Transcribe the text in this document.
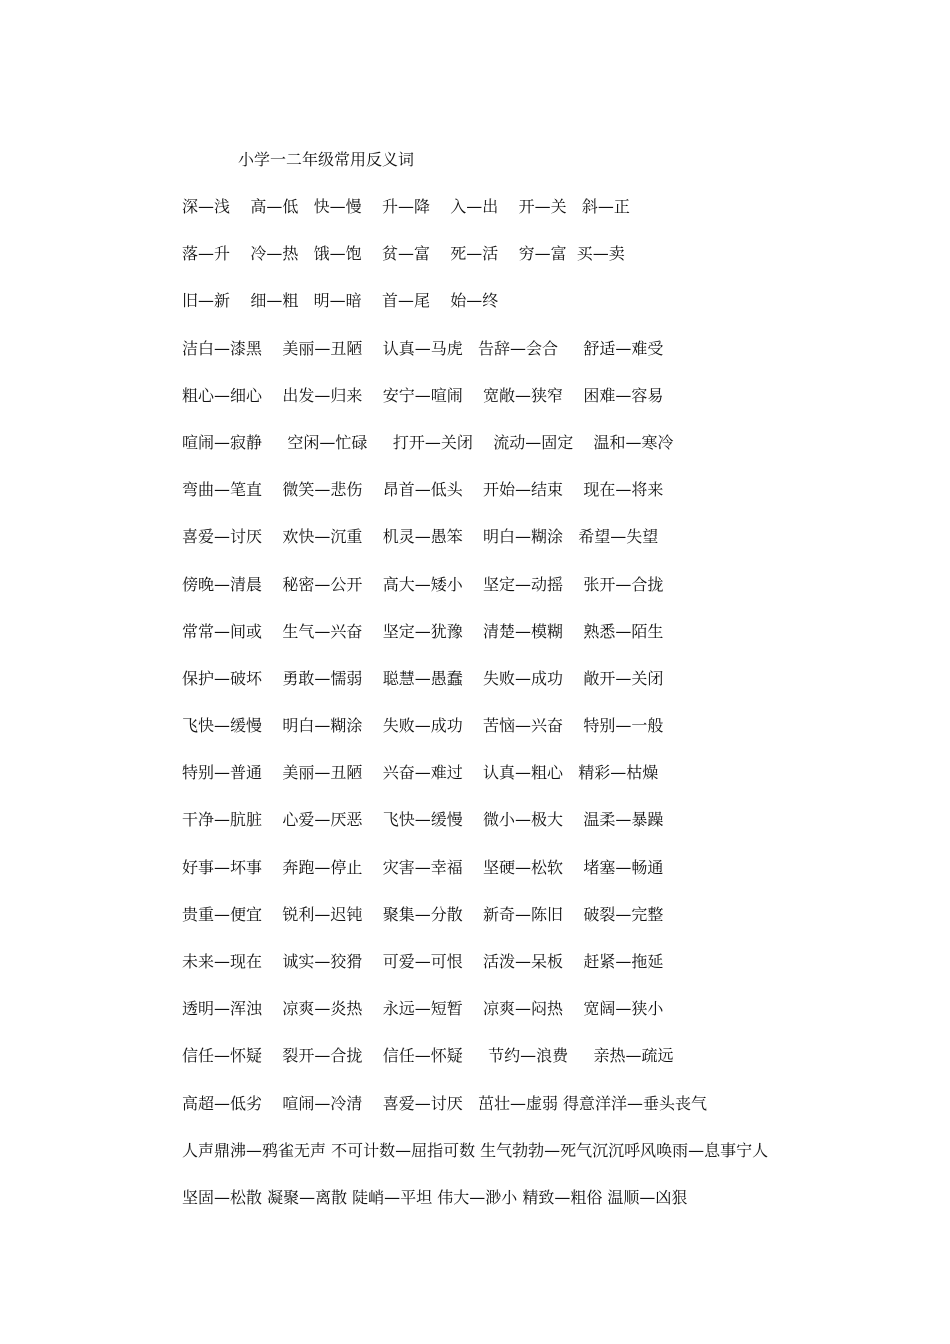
小学一二年级常用反义词
深—浅    高—低   快—慢    升—降    入—出    开—关   斜—正
落—升    冷—热   饿—饱    贫—富    死—活    穷—富  买—卖
旧—新    细—粗   明—暗    首—尾    始—终
洁白—漆黑    美丽—丑陋    认真—马虎   告辞—会合     舒适—难受
粗心—细心    出发—归来    安宁—喧闹    宽敞—狭窄    困难—容易
喧闹—寂静     空闲—忙碌     打开—关闭    流动—固定    温和—寒冷
弯曲—笔直    微笑—悲伤    昂首—低头    开始—结束    现在—将来
喜爱—讨厌    欢快—沉重    机灵—愚笨    明白—糊涂   希望—失望
傍晚—清晨    秘密—公开    高大—矮小    坚定—动摇    张开—合拢
常常—间或    生气—兴奋    坚定—犹豫    清楚—模糊    熟悉—陌生
保护—破坏    勇敢—懦弱    聪慧—愚蠢    失败—成功    敞开—关闭
飞快—缓慢    明白—糊涂    失败—成功    苦恼—兴奋    特别—一般
特别—普通    美丽—丑陋    兴奋—难过    认真—粗心   精彩—枯燥
干净—肮脏    心爱—厌恶    飞快—缓慢    微小—极大    温柔—暴躁
好事—坏事    奔跑—停止    灾害—幸福    坚硬—松软    堵塞—畅通
贵重—便宜    锐利—迟钝    聚集—分散    新奇—陈旧    破裂—完整
未来—现在    诚实—狡猾    可爱—可恨    活泼—呆板    赶紧—拖延
透明—浑浊    凉爽—炎热    永远—短暂    凉爽—闷热    宽阔—狭小
信任—怀疑    裂开—合拢    信任—怀疑     节约—浪费     亲热—疏远
高超—低劣    喧闹—冷清    喜爱—讨厌   茁壮—虚弱 得意洋洋—垂头丧气
人声鼎沸—鸦雀无声 不可计数—屈指可数 生气勃勃—死气沉沉呼风唤雨—息事宁人
坚固—松散 凝聚—离散 陡峭—平坦 伟大—渺小 精致—粗俗 温顺—凶狠
